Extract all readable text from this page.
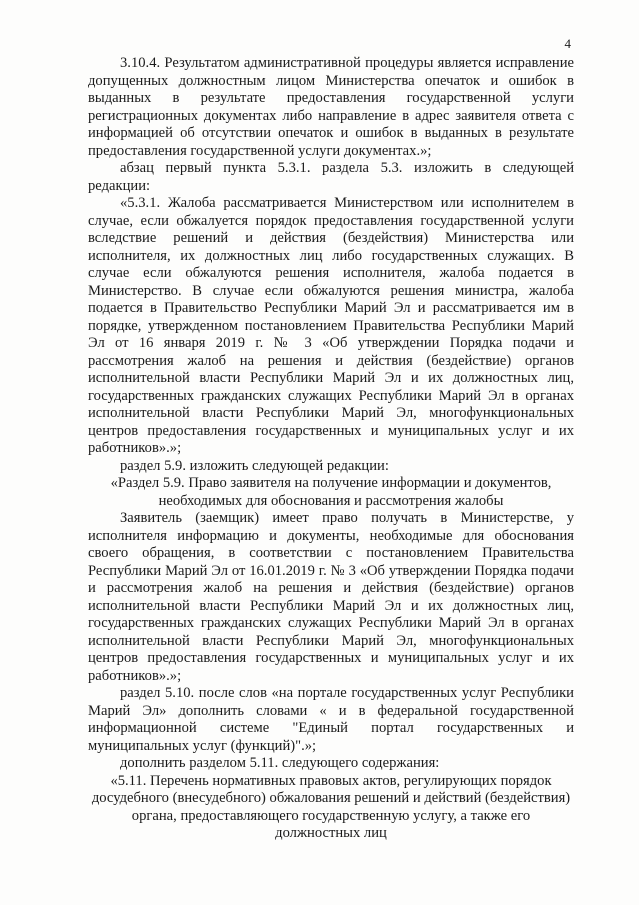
4

3.10.4. Результатом административной процедуры является исправление допущенных должностным лицом Министерства опечаток и ошибок в выданных в результате предоставления государственной услуги регистрационных документах либо направление в адрес заявителя ответа с информацией об отсутствии опечаток и ошибок в выданных в результате предоставления государственной услуги документах.»;

абзац первый пункта 5.3.1. раздела 5.3. изложить в следующей редакции:

«5.3.1. Жалоба рассматривается Министерством или исполнителем в случае, если обжалуется порядок предоставления государственной услуги вследствие решений и действия (бездействия) Министерства или исполнителя, их должностных лиц либо государственных служащих. В случае если обжалуются решения исполнителя, жалоба подается в Министерство. В случае если обжалуются решения министра, жалоба подается в Правительство Республики Марий Эл и рассматривается им в порядке, утвержденном постановлением Правительства Республики Марий Эл от 16 января 2019 г. № 3 «Об утверждении Порядка подачи и рассмотрения жалоб на решения и действия (бездействие) органов исполнительной власти Республики Марий Эл и их должностных лиц, государственных гражданских служащих Республики Марий Эл в органах исполнительной власти Республики Марий Эл, многофункциональных центров предоставления государственных и муниципальных услуг и их работников».»;

раздел 5.9. изложить следующей редакции:

«Раздел 5.9. Право заявителя на получение информации и документов, необходимых для обоснования и рассмотрения жалобы

Заявитель (заемщик) имеет право получать в Министерстве, у исполнителя информацию и документы, необходимые для обоснования своего обращения, в соответствии с постановлением Правительства Республики Марий Эл от 16.01.2019 г. № 3 «Об утверждении Порядка подачи и рассмотрения жалоб на решения и действия (бездействие) органов исполнительной власти Республики Марий Эл и их должностных лиц, государственных гражданских служащих Республики Марий Эл в органах исполнительной власти Республики Марий Эл, многофункциональных центров предоставления государственных и муниципальных услуг и их работников».»;

раздел 5.10. после слов «на портале государственных услуг Республики Марий Эл» дополнить словами « и в федеральной государственной информационной системе "Единый портал государственных и муниципальных услуг (функций)".»;

дополнить разделом 5.11. следующего содержания:

«5.11. Перечень нормативных правовых актов, регулирующих порядок досудебного (внесудебного) обжалования решений и действий (бездействия) органа, предоставляющего государственную услугу, а также его должностных лиц
